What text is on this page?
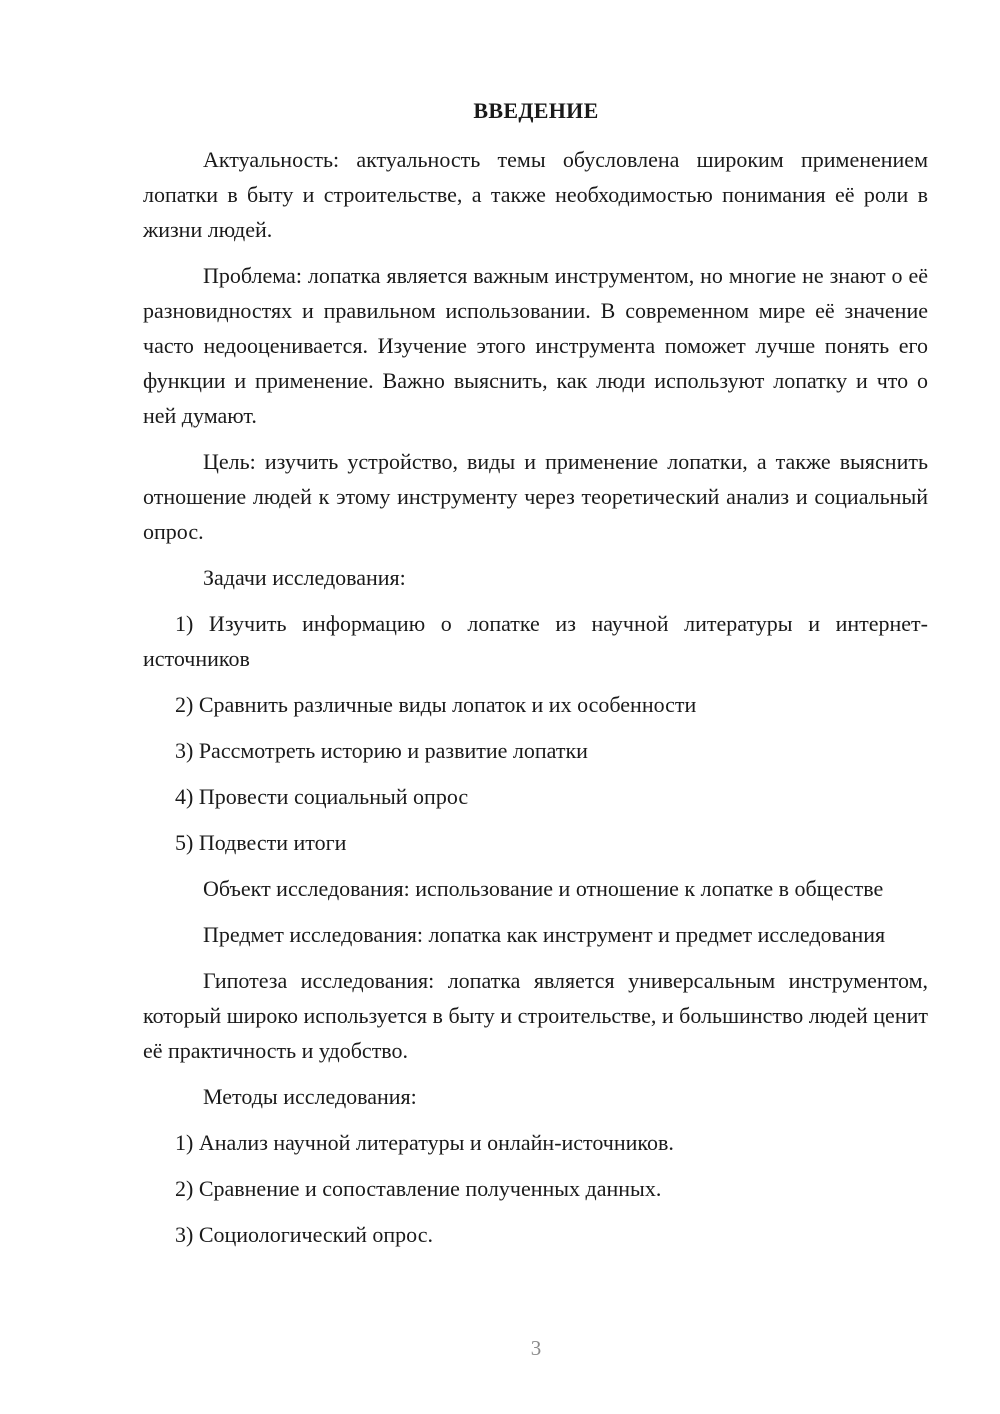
ВВЕДЕНИЕ

Актуальность: актуальность темы обусловлена широким применением лопатки в быту и строительстве, а также необходимостью понимания её роли в жизни людей.

Проблема: лопатка является важным инструментом, но многие не знают о её разновидностях и правильном использовании. В современном мире её значение часто недооценивается. Изучение этого инструмента поможет лучше понять его функции и применение. Важно выяснить, как люди используют лопатку и что о ней думают.

Цель: изучить устройство, виды и применение лопатки, а также выяснить отношение людей к этому инструменту через теоретический анализ и социальный опрос.

Задачи исследования:

1) Изучить информацию о лопатке из научной литературы и интернет-источников

2) Сравнить различные виды лопаток и их особенности

3) Рассмотреть историю и развитие лопатки

4) Провести социальный опрос

5) Подвести итоги

Объект исследования: использование и отношение к лопатке в обществе

Предмет исследования: лопатка как инструмент и предмет исследования

Гипотеза исследования: лопатка является универсальным инструментом, который широко используется в быту и строительстве, и большинство людей ценит её практичность и удобство.

Методы исследования:

1) Анализ научной литературы и онлайн-источников.

2) Сравнение и сопоставление полученных данных.

3) Социологический опрос.

3
